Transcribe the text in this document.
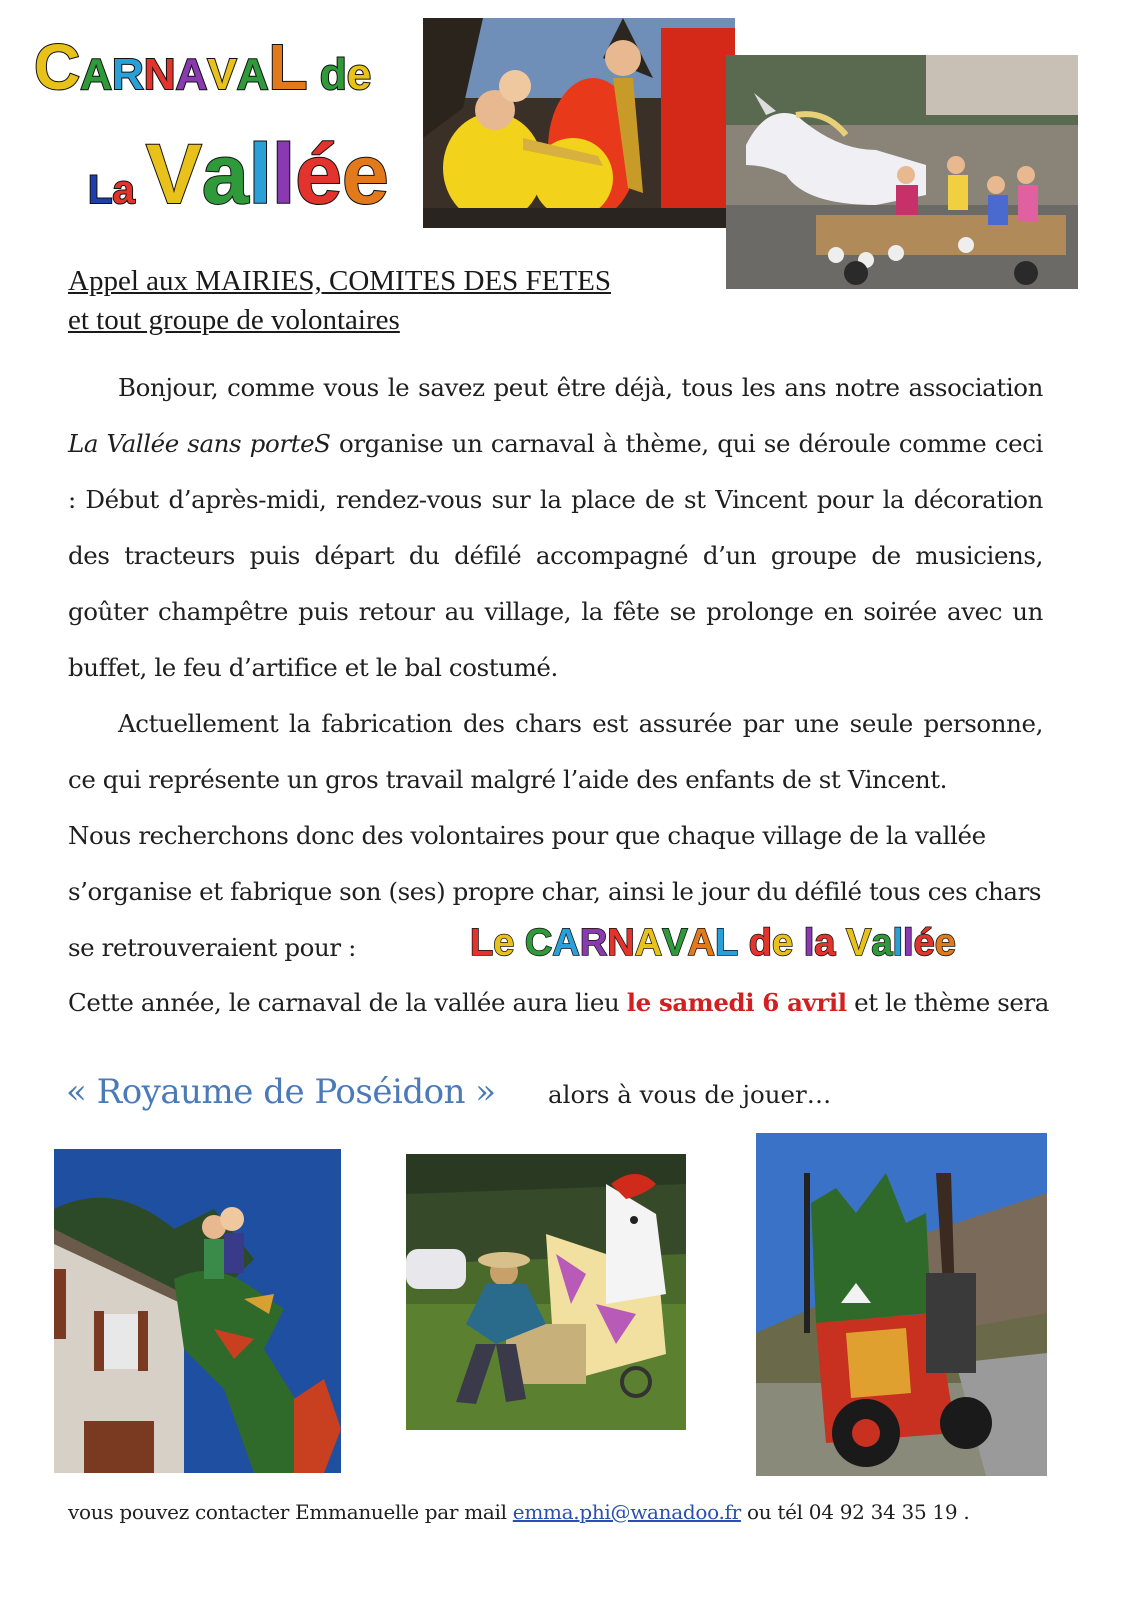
CARNAVAL de
La Vallée
Appel aux MAIRIES, COMITES DES FETES
et tout groupe de volontaires

Bonjour, comme vous le savez peut être déjà, tous les ans notre association La Vallée sans porteS organise un carnaval à thème, qui se déroule comme ceci : Début d’après-midi, rendez-vous sur la place de st Vincent pour la décoration des tracteurs puis départ du défilé accompagné d’un groupe de musiciens, goûter champêtre puis retour au village, la fête se prolonge en soirée avec un buffet, le feu d’artifice et le bal costumé.

Actuellement la fabrication des chars est assurée par une seule personne, ce qui représente un gros travail malgré l’aide des enfants de st Vincent.

Nous recherchons donc des volontaires pour que chaque village de la vallée s’organise et fabrique son (ses) propre char, ainsi le jour du défilé tous ces chars se retrouveraient pour :	Le CARNAVAL de la Vallée
Cette année, le carnaval de la vallée aura lieu le samedi 6 avril et le thème sera
« Royaume de Poséidon » alors à vous de jouer…
vous pouvez contacter Emmanuelle par mail emma.phi@wanadoo.fr ou tél 04 92 34 35 19 .
